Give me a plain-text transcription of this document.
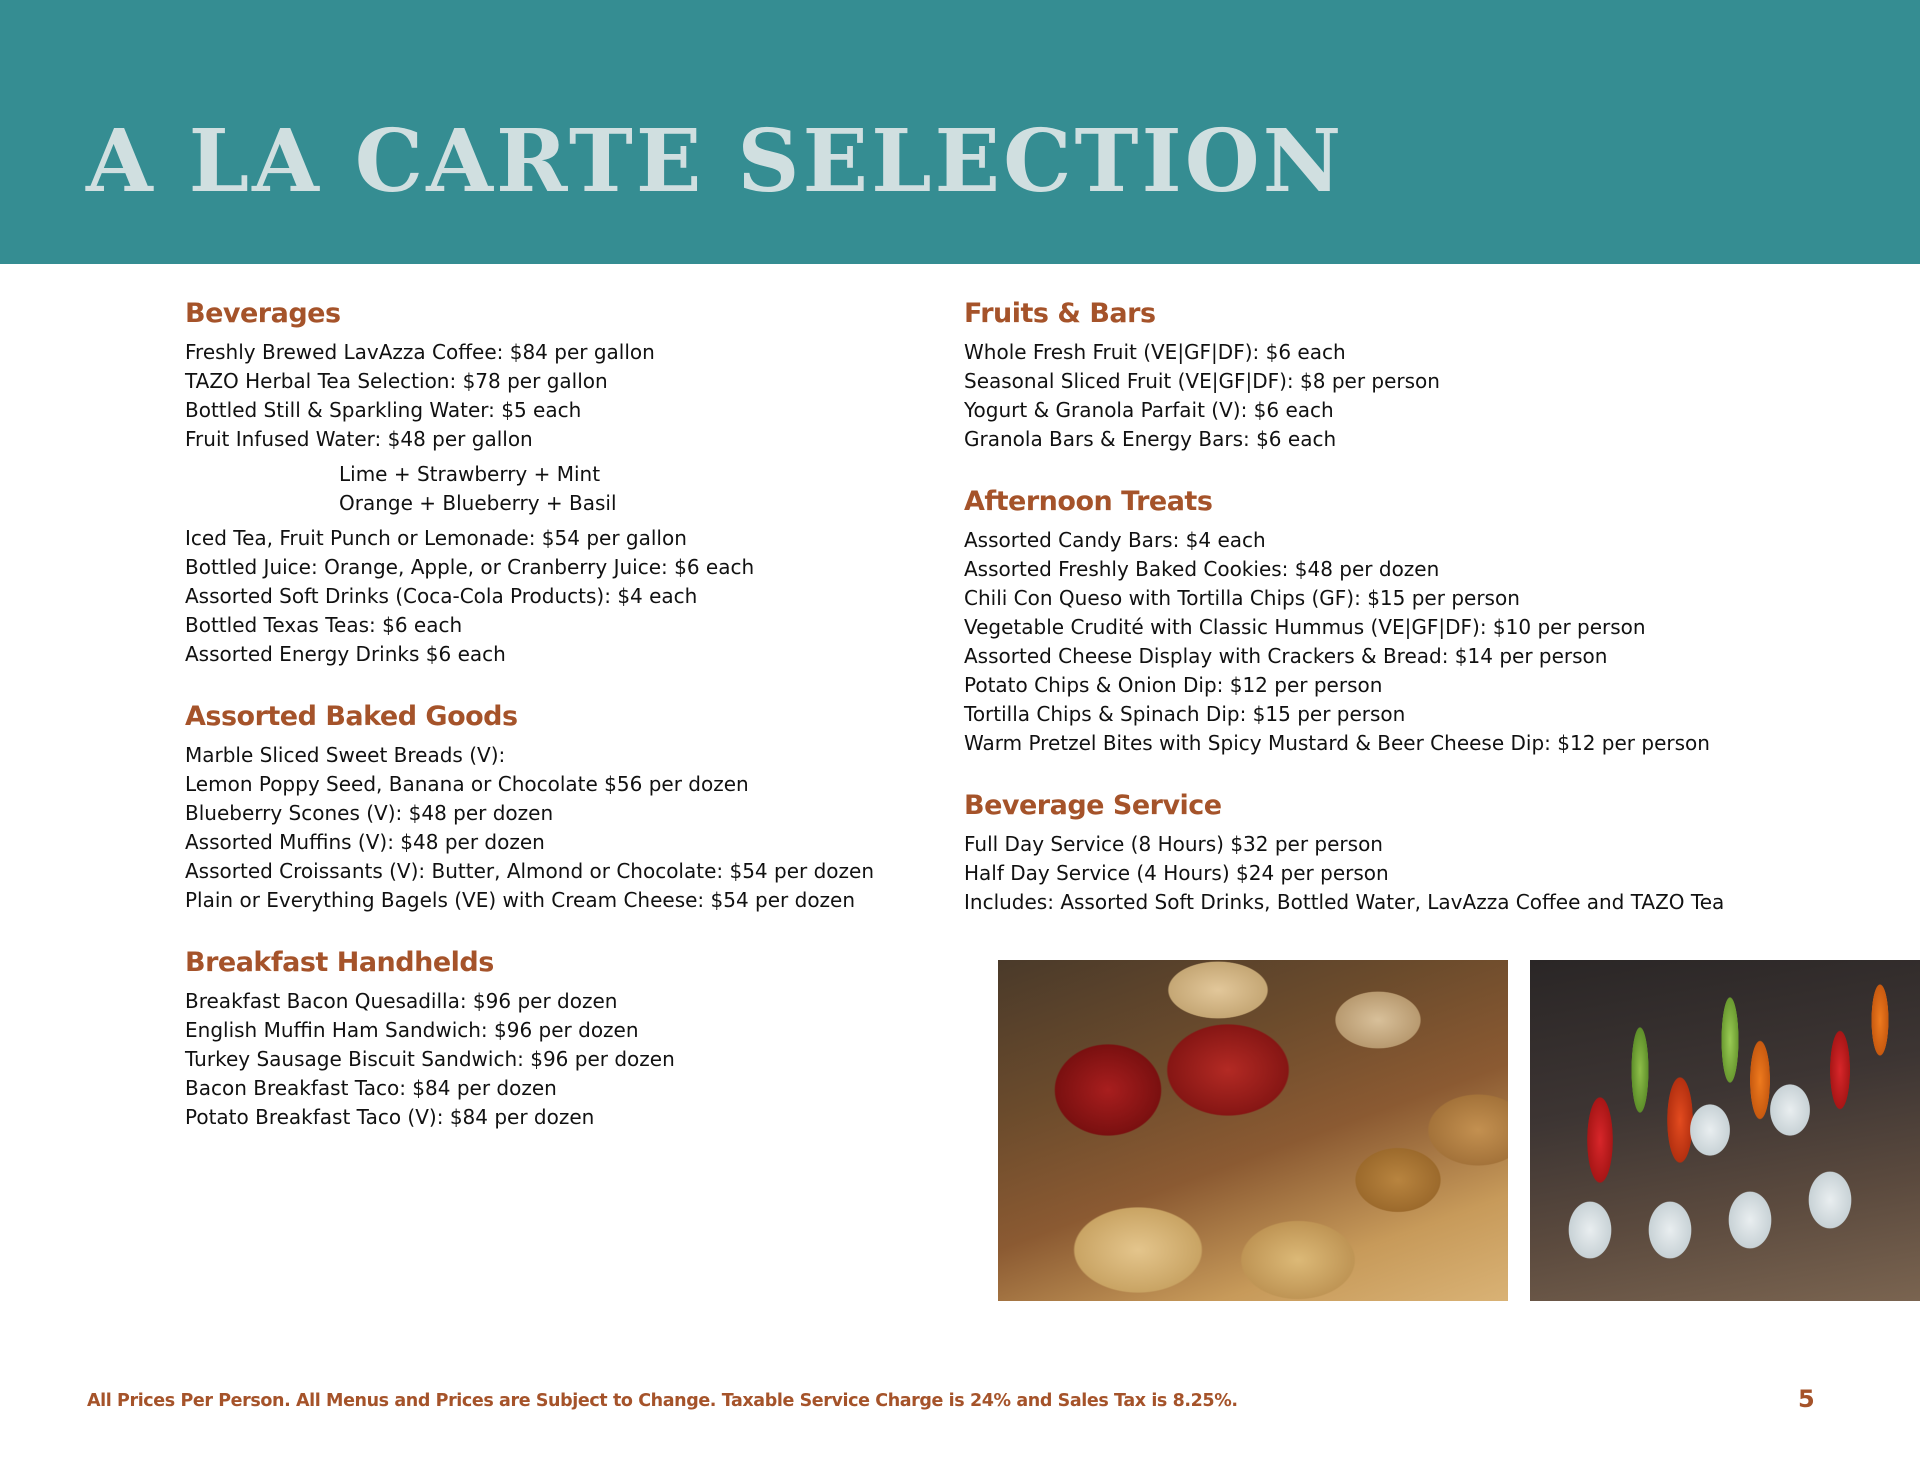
A LA CARTE SELECTION
Beverages
Freshly Brewed LavAzza Coffee: $84 per gallon
TAZO Herbal Tea Selection: $78 per gallon
Bottled Still & Sparkling Water: $5 each
Fruit Infused Water: $48 per gallon
Lime + Strawberry + Mint
Orange + Blueberry + Basil
Iced Tea, Fruit Punch or Lemonade: $54 per gallon
Bottled Juice: Orange, Apple, or Cranberry Juice: $6 each
Assorted Soft Drinks (Coca-Cola Products): $4 each
Bottled Texas Teas: $6 each
Assorted Energy Drinks $6 each
Assorted Baked Goods
Marble Sliced Sweet Breads (V):
Lemon Poppy Seed, Banana or Chocolate $56 per dozen
Blueberry Scones (V): $48 per dozen
Assorted Muffins (V): $48 per dozen
Assorted Croissants (V): Butter, Almond or Chocolate: $54 per dozen
Plain or Everything Bagels (VE) with Cream Cheese: $54 per dozen
Breakfast Handhelds
Breakfast Bacon Quesadilla: $96 per dozen
English Muffin Ham Sandwich: $96 per dozen
Turkey Sausage Biscuit Sandwich: $96 per dozen
Bacon Breakfast Taco: $84 per dozen
Potato Breakfast Taco (V): $84 per dozen
Fruits & Bars
Whole Fresh Fruit (VE|GF|DF): $6 each
Seasonal Sliced Fruit (VE|GF|DF): $8 per person
Yogurt & Granola Parfait (V): $6 each
Granola Bars & Energy Bars: $6 each
Afternoon Treats
Assorted Candy Bars: $4 each
Assorted Freshly Baked Cookies: $48 per dozen
Chili Con Queso with Tortilla Chips (GF): $15 per person
Vegetable Crudité with Classic Hummus (VE|GF|DF): $10 per person
Assorted Cheese Display with Crackers & Bread: $14 per person
Potato Chips & Onion Dip: $12 per person
Tortilla Chips & Spinach Dip: $15 per person
Warm Pretzel Bites with Spicy Mustard & Beer Cheese Dip: $12 per person
Beverage Service
Full Day Service (8 Hours) $32 per person
Half Day Service (4 Hours) $24 per person
Includes: Assorted Soft Drinks, Bottled Water, LavAzza Coffee and TAZO Tea

All Prices Per Person. All Menus and Prices are Subject to Change. Taxable Service Charge is 24% and Sales Tax is 8.25%.	5
